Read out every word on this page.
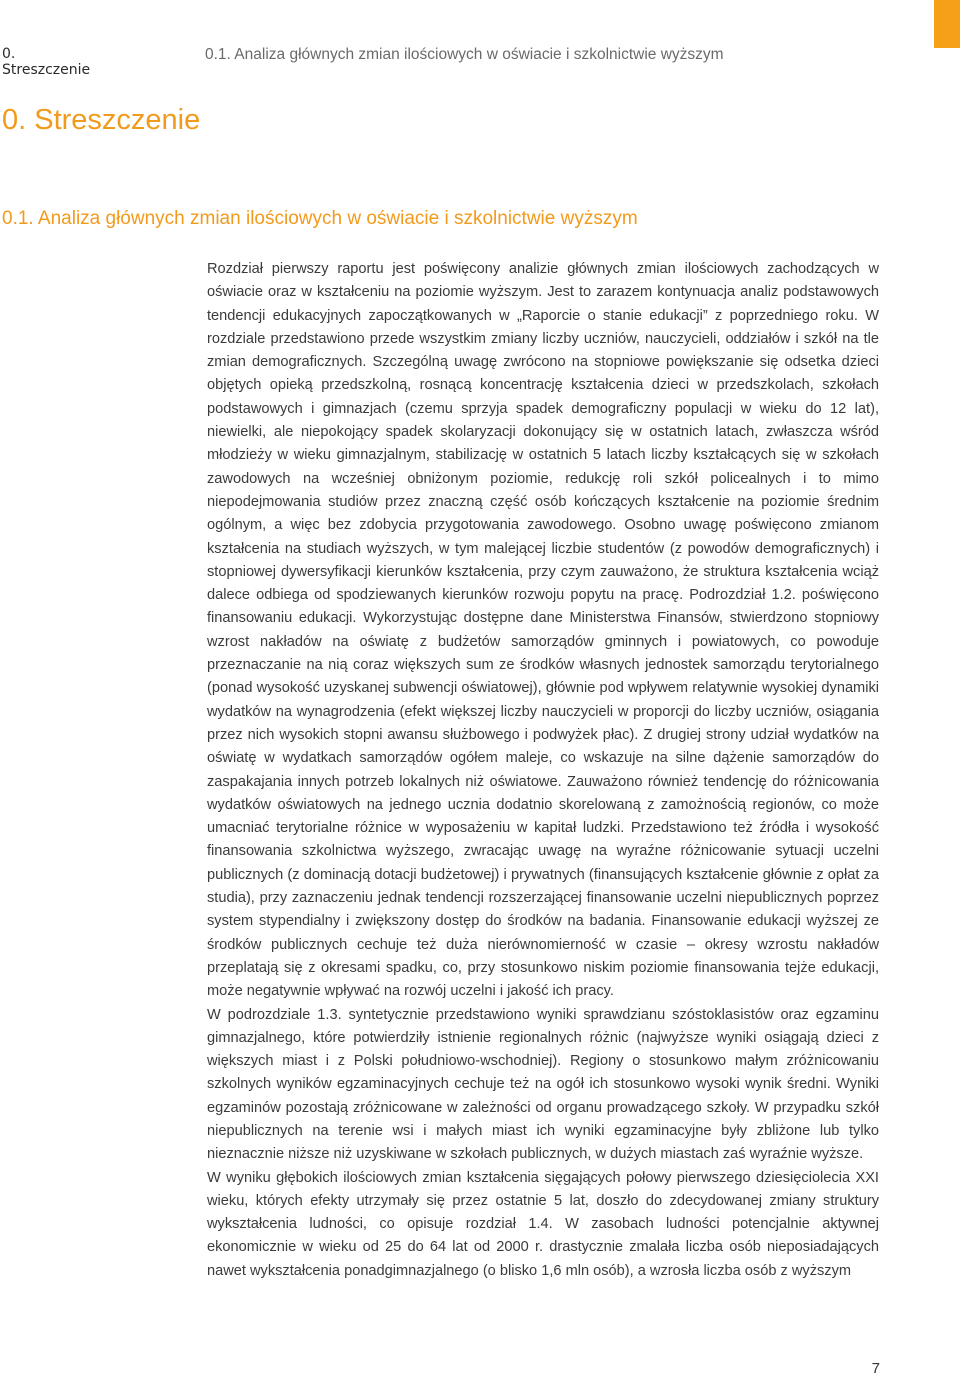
0. Streszczenie
0.1. Analiza głównych zmian ilościowych w oświacie i szkolnictwie wyższym
0. Streszczenie
0.1. Analiza głównych zmian ilościowych w oświacie i szkolnictwie wyższym

Rozdział pierwszy raportu jest poświęcony analizie głównych zmian ilościowych zachodzących w oświacie oraz w kształceniu na poziomie wyższym. Jest to zarazem kontynuacja analiz podstawowych tendencji edukacyjnych zapoczątkowanych w „Raporcie o stanie edukacji” z poprzedniego roku. W rozdziale przedstawiono przede wszystkim zmiany liczby uczniów, nauczycieli, oddziałów i szkół na tle zmian demograficznych. Szczególną uwagę zwrócono na stopniowe powiększanie się odsetka dzieci objętych opieką przedszkolną, rosnącą koncentrację kształcenia dzieci w przedszkolach, szkołach podstawowych i gimnazjach (czemu sprzyja spadek demograficzny populacji w wieku do 12 lat), niewielki, ale niepokojący spadek skolaryzacji dokonujący się w ostatnich latach, zwłaszcza wśród młodzieży w wieku gimnazjalnym, stabilizację w ostatnich 5 latach liczby kształcących się w szkołach zawodowych na wcześniej obniżonym poziomie, redukcję roli szkół policealnych i to mimo niepodejmowania studiów przez znaczną część osób kończących kształcenie na poziomie średnim ogólnym, a więc bez zdobycia przygotowania zawodowego. Osobno uwagę poświęcono zmianom kształcenia na studiach wyższych, w tym malejącej liczbie studentów (z powodów demograficznych) i stopniowej dywersyfikacji kierunków kształcenia, przy czym zauważono, że struktura kształcenia wciąż dalece odbiega od spodziewanych kierunków rozwoju popytu na pracę. Podrozdział 1.2. poświęcono finansowaniu edukacji. Wykorzystując dostępne dane Ministerstwa Finansów, stwierdzono stopniowy wzrost nakładów na oświatę z budżetów samorządów gminnych i powiatowych, co powoduje przeznaczanie na nią coraz większych sum ze środków własnych jednostek samorządu terytorialnego (ponad wysokość uzyskanej subwencji oświatowej), głównie pod wpływem relatywnie wysokiej dynamiki wydatków na wynagrodzenia (efekt większej liczby nauczycieli w proporcji do liczby uczniów, osiągania przez nich wysokich stopni awansu służbowego i podwyżek płac). Z drugiej strony udział wydatków na oświatę w wydatkach samorządów ogółem maleje, co wskazuje na silne dążenie samorządów do zaspakajania innych potrzeb lokalnych niż oświatowe. Zauważono również tendencję do różnicowania wydatków oświatowych na jednego ucznia dodatnio skorelowaną z zamożnością regionów, co może umacniać terytorialne różnice w wyposażeniu w kapitał ludzki. Przedstawiono też źródła i wysokość finansowania szkolnictwa wyższego, zwracając uwagę na wyraźne różnicowanie sytuacji uczelni publicznych (z dominacją dotacji budżetowej) i prywatnych (finansujących kształcenie głównie z opłat za studia), przy zaznaczeniu jednak tendencji rozszerzającej finansowanie uczelni niepublicznych poprzez system stypendialny i zwiększony dostęp do środków na badania. Finansowanie edukacji wyższej ze środków publicznych cechuje też duża nierównomierność w czasie – okresy wzrostu nakładów przeplatają się z okresami spadku, co, przy stosunkowo niskim poziomie finansowania tejże edukacji, może negatywnie wpływać na rozwój uczelni i jakość ich pracy.

W podrozdziale 1.3. syntetycznie przedstawiono wyniki sprawdzianu szóstoklasistów oraz egzaminu gimnazjalnego, które potwierdziły istnienie regionalnych różnic (najwyższe wyniki osiągają dzieci z większych miast i z Polski południowo-wschodniej). Regiony o stosunkowo małym zróżnicowaniu szkolnych wyników egzaminacyjnych cechuje też na ogół ich stosunkowo wysoki wynik średni. Wyniki egzaminów pozostają zróżnicowane w zależności od organu prowadzącego szkoły. W przypadku szkół niepublicznych na terenie wsi i małych miast ich wyniki egzaminacyjne były zbliżone lub tylko nieznacznie niższe niż uzyskiwane w szkołach publicznych, w dużych miastach zaś wyraźnie wyższe.

W wyniku głębokich ilościowych zmian kształcenia sięgających połowy pierwszego dziesięciolecia XXI wieku, których efekty utrzymały się przez ostatnie 5 lat, doszło do zdecydowanej zmiany struktury wykształcenia ludności, co opisuje rozdział 1.4. W zasobach ludności potencjalnie aktywnej ekonomicznie w wieku od 25 do 64 lat od 2000 r. drastycznie zmalała liczba osób nieposiadających nawet wykształcenia ponadgimnazjalnego (o blisko 1,6 mln osób), a wzrosła liczba osób z wyższym

7
